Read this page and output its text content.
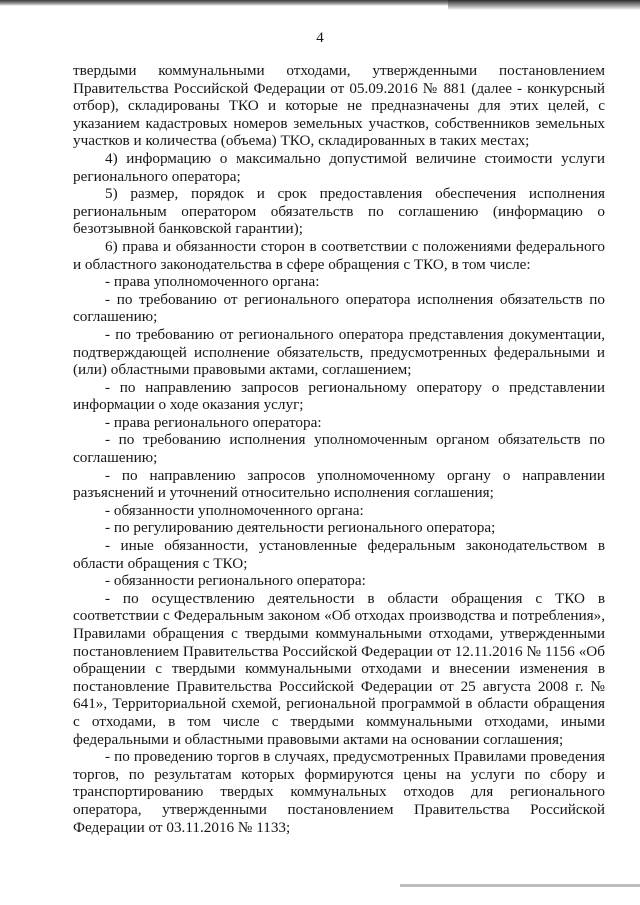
4

твердыми коммунальными отходами, утвержденными постановлением Правительства Российской Федерации от 05.09.2016 № 881 (далее - конкурсный отбор), складированы ТКО и которые не предназначены для этих целей, с указанием кадастровых номеров земельных участков, собственников земельных участков и количества (объема) ТКО, складированных в таких местах;

4) информацию о максимально допустимой величине стоимости услуги регионального оператора;

5) размер, порядок и срок предоставления обеспечения исполнения региональным оператором обязательств по соглашению (информацию о безотзывной банковской гарантии);

6) права и обязанности сторон в соответствии с положениями федерального и областного законодательства в сфере обращения с ТКО, в том числе:

- права уполномоченного органа:

- по требованию от регионального оператора исполнения обязательств по соглашению;

- по требованию от регионального оператора представления документации, подтверждающей исполнение обязательств, предусмотренных федеральными и (или) областными правовыми актами, соглашением;

- по направлению запросов региональному оператору о представлении информации о ходе оказания услуг;

- права регионального оператора:

- по требованию исполнения уполномоченным органом обязательств по соглашению;

- по направлению запросов уполномоченному органу о направлении разъяснений и уточнений относительно исполнения соглашения;

- обязанности уполномоченного органа:

- по регулированию деятельности регионального оператора;

- иные обязанности, установленные федеральным законодательством в области обращения с ТКО;

- обязанности регионального оператора:

- по осуществлению деятельности в области обращения с ТКО в соответствии с Федеральным законом «Об отходах производства и потребления», Правилами обращения с твердыми коммунальными отходами, утвержденными постановлением Правительства Российской Федерации от 12.11.2016 № 1156 «Об обращении с твердыми коммунальными отходами и внесении изменения в постановление Правительства Российской Федерации от 25 августа 2008 г. № 641», Территориальной схемой, региональной программой в области обращения с отходами, в том числе с твердыми коммунальными отходами, иными федеральными и областными правовыми актами на основании соглашения;

- по проведению торгов в случаях, предусмотренных Правилами проведения торгов, по результатам которых формируются цены на услуги по сбору и транспортированию твердых коммунальных отходов для регионального оператора, утвержденными постановлением Правительства Российской Федерации от 03.11.2016 № 1133;
